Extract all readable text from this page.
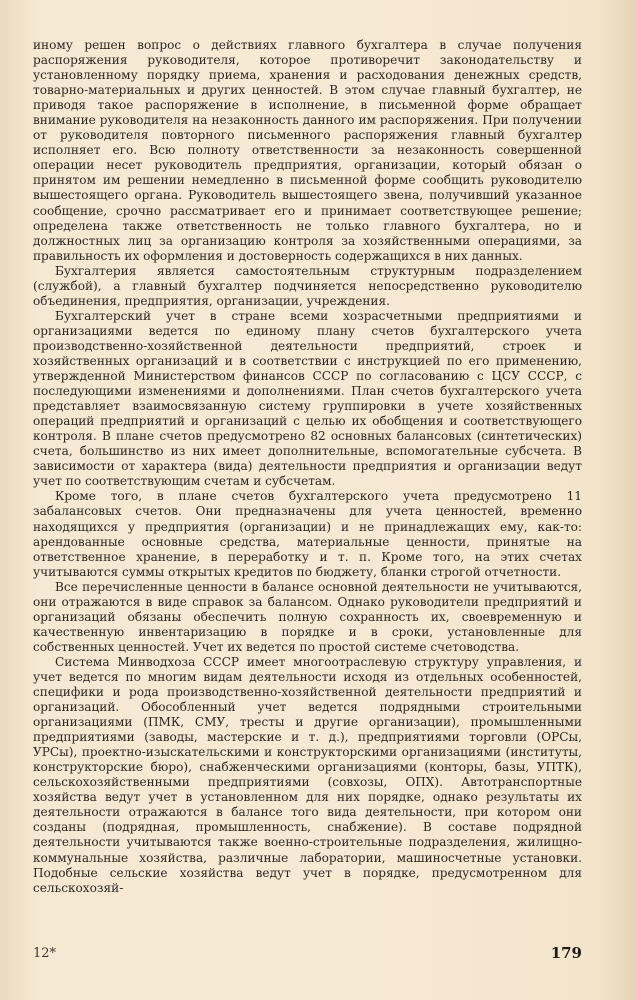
иному решен вопрос о действиях главного бухгалтера в случае получения распоряжения руководителя, которое противоречит законодательству и установленному порядку приема, хранения и расходования денежных средств, товарно-материальных и других ценностей. В этом случае главный бухгалтер, не приводя такое распоряжение в исполнение, в письменной форме обращает внимание руководителя на незаконность данного им распоряжения. При получении от руководителя повторного письменного распоряжения главный бухгалтер исполняет его. Всю полноту ответственности за незаконность совершенной операции несет руководитель предприятия, организации, который обязан о принятом им решении немедленно в письменной форме сообщить руководителю вышестоящего органа. Руководитель вышестоящего звена, получивший указанное сообщение, срочно рассматривает его и принимает соответствующее решение; определена также ответственность не только главного бухгалтера, но и должностных лиц за организацию контроля за хозяйственными операциями, за правильность их оформления и достоверность содержащихся в них данных.

Бухгалтерия является самостоятельным структурным подразделением (службой), а главный бухгалтер подчиняется непосредственно руководителю объединения, предприятия, организации, учреждения.

Бухгалтерский учет в стране всеми хозрасчетными предприятиями и организациями ведется по единому плану счетов бухгалтерского учета производственно-хозяйственной деятельности предприятий, строек и хозяйственных организаций и в соответствии с инструкцией по его применению, утвержденной Министерством финансов СССР по согласованию с ЦСУ СССР, с последующими изменениями и дополнениями. План счетов бухгалтерского учета представляет взаимосвязанную систему группировки в учете хозяйственных операций предприятий и организаций с целью их обобщения и соответствующего контроля. В плане счетов предусмотрено 82 основных балансовых (синтетических) счета, большинство из них имеет дополнительные, вспомогательные субсчета. В зависимости от характера (вида) деятельности предприятия и организации ведут учет по соответствующим счетам и субсчетам.

Кроме того, в плане счетов бухгалтерского учета предусмотрено 11 забалансовых счетов. Они предназначены для учета ценностей, временно находящихся у предприятия (организации) и не принадлежащих ему, как-то: арендованные основные средства, материальные ценности, принятые на ответственное хранение, в переработку и т. п. Кроме того, на этих счетах учитываются суммы открытых кредитов по бюджету, бланки строгой отчетности.

Все перечисленные ценности в балансе основной деятельности не учитываются, они отражаются в виде справок за балансом. Однако руководители предприятий и организаций обязаны обеспечить полную сохранность их, своевременную и качественную инвентаризацию в порядке и в сроки, установленные для собственных ценностей. Учет их ведется по простой системе счетоводства.

Система Минводхоза СССР имеет многоотраслевую структуру управления, и учет ведется по многим видам деятельности исходя из отдельных особенностей, специфики и рода производственно-хозяйственной деятельности предприятий и организаций. Обособленный учет ведется подрядными строительными организациями (ПМК, СМУ, тресты и другие организации), промышленными предприятиями (заводы, мастерские и т. д.), предприятиями торговли (ОРСы, УРСы), проектно-изыскательскими и конструкторскими организациями (институты, конструкторские бюро), снабженческими организациями (конторы, базы, УПТК), сельскохозяйственными предприятиями (совхозы, ОПХ). Автотранспортные хозяйства ведут учет в установленном для них порядке, однако результаты их деятельности отражаются в балансе того вида деятельности, при котором они созданы (подрядная, промышленность, снабжение). В составе подрядной деятельности учитываются также военно-строительные подразделения, жилищно-коммунальные хозяйства, различные лаборатории, машиносчетные установки. Подобные сельские хозяйства ведут учет в порядке, предусмотренном для сельскохозяй-

12*	179
